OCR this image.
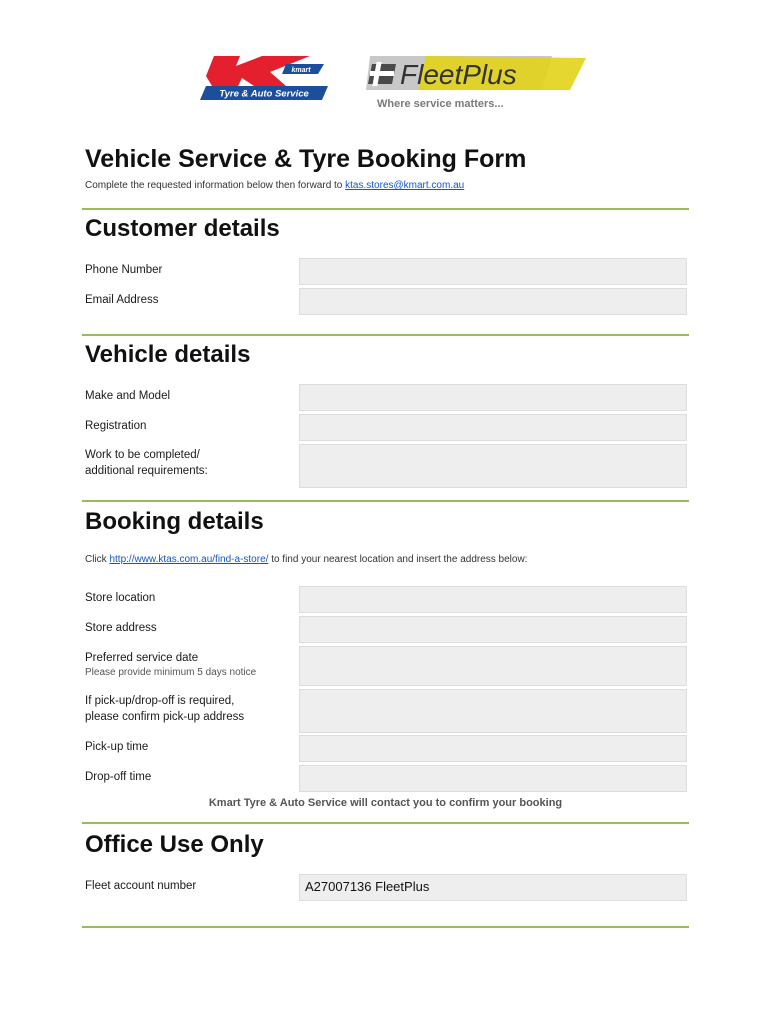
kmart
Tyre & Auto Service
FleetPlus
Where service matters...
Vehicle Service & Tyre Booking Form
Complete the requested information below then forward to ktas.stores@kmart.com.au
Customer details
Phone Number
Email Address
Vehicle details
Make and Model
Registration
Work to be completed/
additional requirements:
Booking details
Click http://www.ktas.com.au/find-a-store/ to find your nearest location and insert the address below:
Store location
Store address
Preferred service date
Please provide minimum 5 days notice
If pick-up/drop-off is required,
please confirm pick-up address
Pick-up time
Drop-off time
Kmart Tyre & Auto Service will contact you to confirm your booking
Office Use Only
Fleet account number	A27007136 FleetPlus
